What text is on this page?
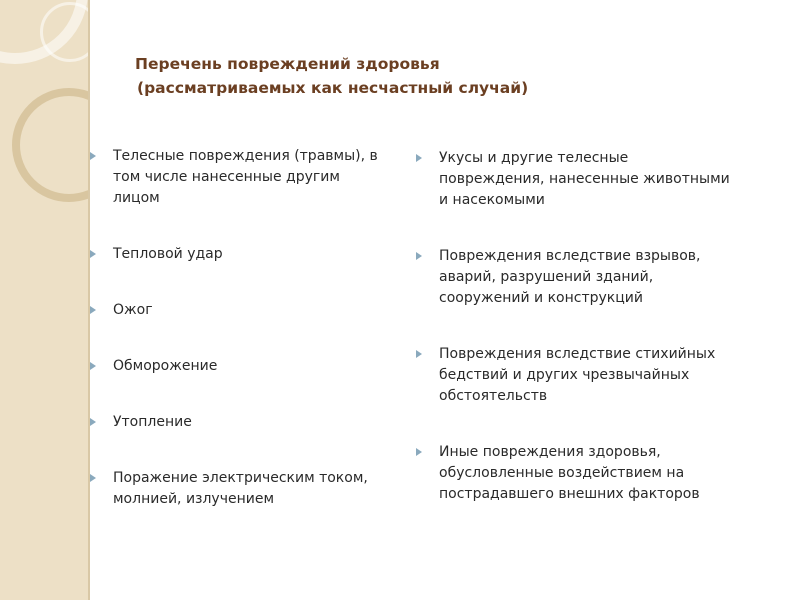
Перечень повреждений здоровья
(рассматриваемых как несчастный случай)
Телесные повреждения (травмы), в
том числе нанесенные другим
лицом
Тепловой удар
Ожог
Обморожение
Утопление
Поражение электрическим током,
молнией, излучением
Укусы и другие телесные
повреждения, нанесенные животными
и насекомыми
Повреждения вследствие взрывов,
аварий, разрушений зданий,
сооружений и конструкций
Повреждения вследствие стихийных
бедствий и других чрезвычайных
обстоятельств
Иные повреждения здоровья,
обусловленные воздействием на
пострадавшего внешних факторов
